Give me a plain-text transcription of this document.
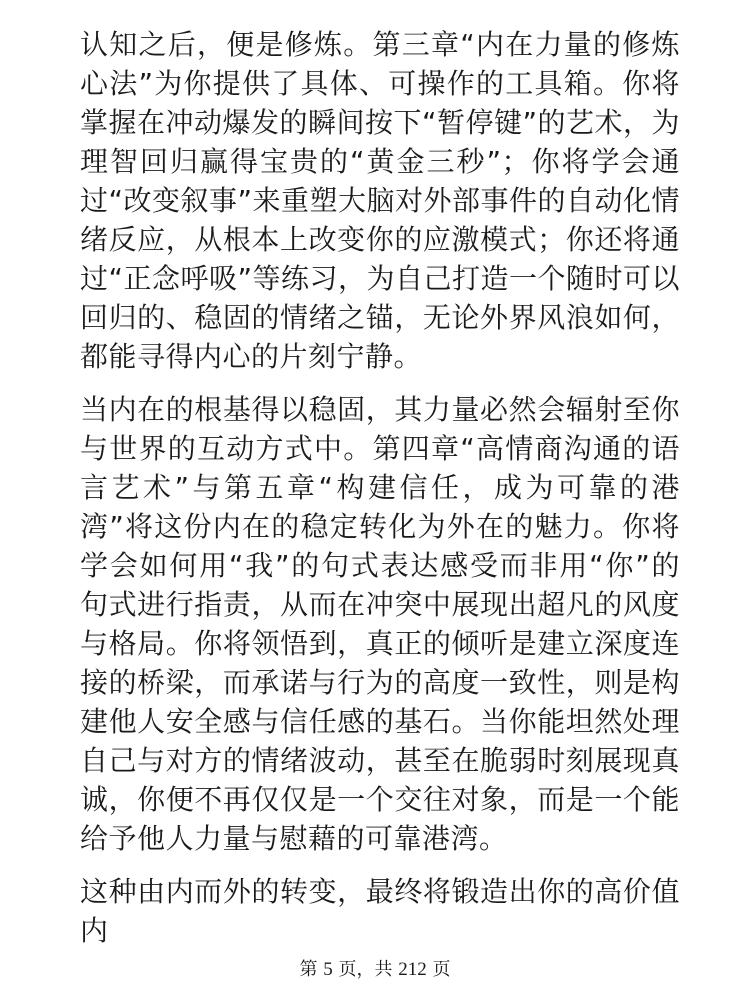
认知之后，便是修炼。第三章“内在力量的修炼心法”为你提供了具体、可操作的工具箱。你将掌握在冲动爆发的瞬间按下“暂停键”的艺术，为理智回归赢得宝贵的“黄金三秒”；你将学会通过“改变叙事”来重塑大脑对外部事件的自动化情绪反应，从根本上改变你的应激模式；你还将通过“正念呼吸”等练习，为自己打造一个随时可以回归的、稳固的情绪之锚，无论外界风浪如何，都能寻得内心的片刻宁静。

当内在的根基得以稳固，其力量必然会辐射至你与世界的互动方式中。第四章“高情商沟通的语言艺术”与第五章“构建信任，成为可靠的港湾”将这份内在的稳定转化为外在的魅力。你将学会如何用“我”的句式表达感受而非用“你”的句式进行指责，从而在冲突中展现出超凡的风度与格局。你将领悟到，真正的倾听是建立深度连接的桥梁，而承诺与行为的高度一致性，则是构建他人安全感与信任感的基石。当你能坦然处理自己与对方的情绪波动，甚至在脆弱时刻展现真诚，你便不再仅仅是一个交往对象，而是一个能给予他人力量与慰藉的可靠港湾。

这种由内而外的转变，最终将锻造出你的高价值内

第 5 页，共 212 页
